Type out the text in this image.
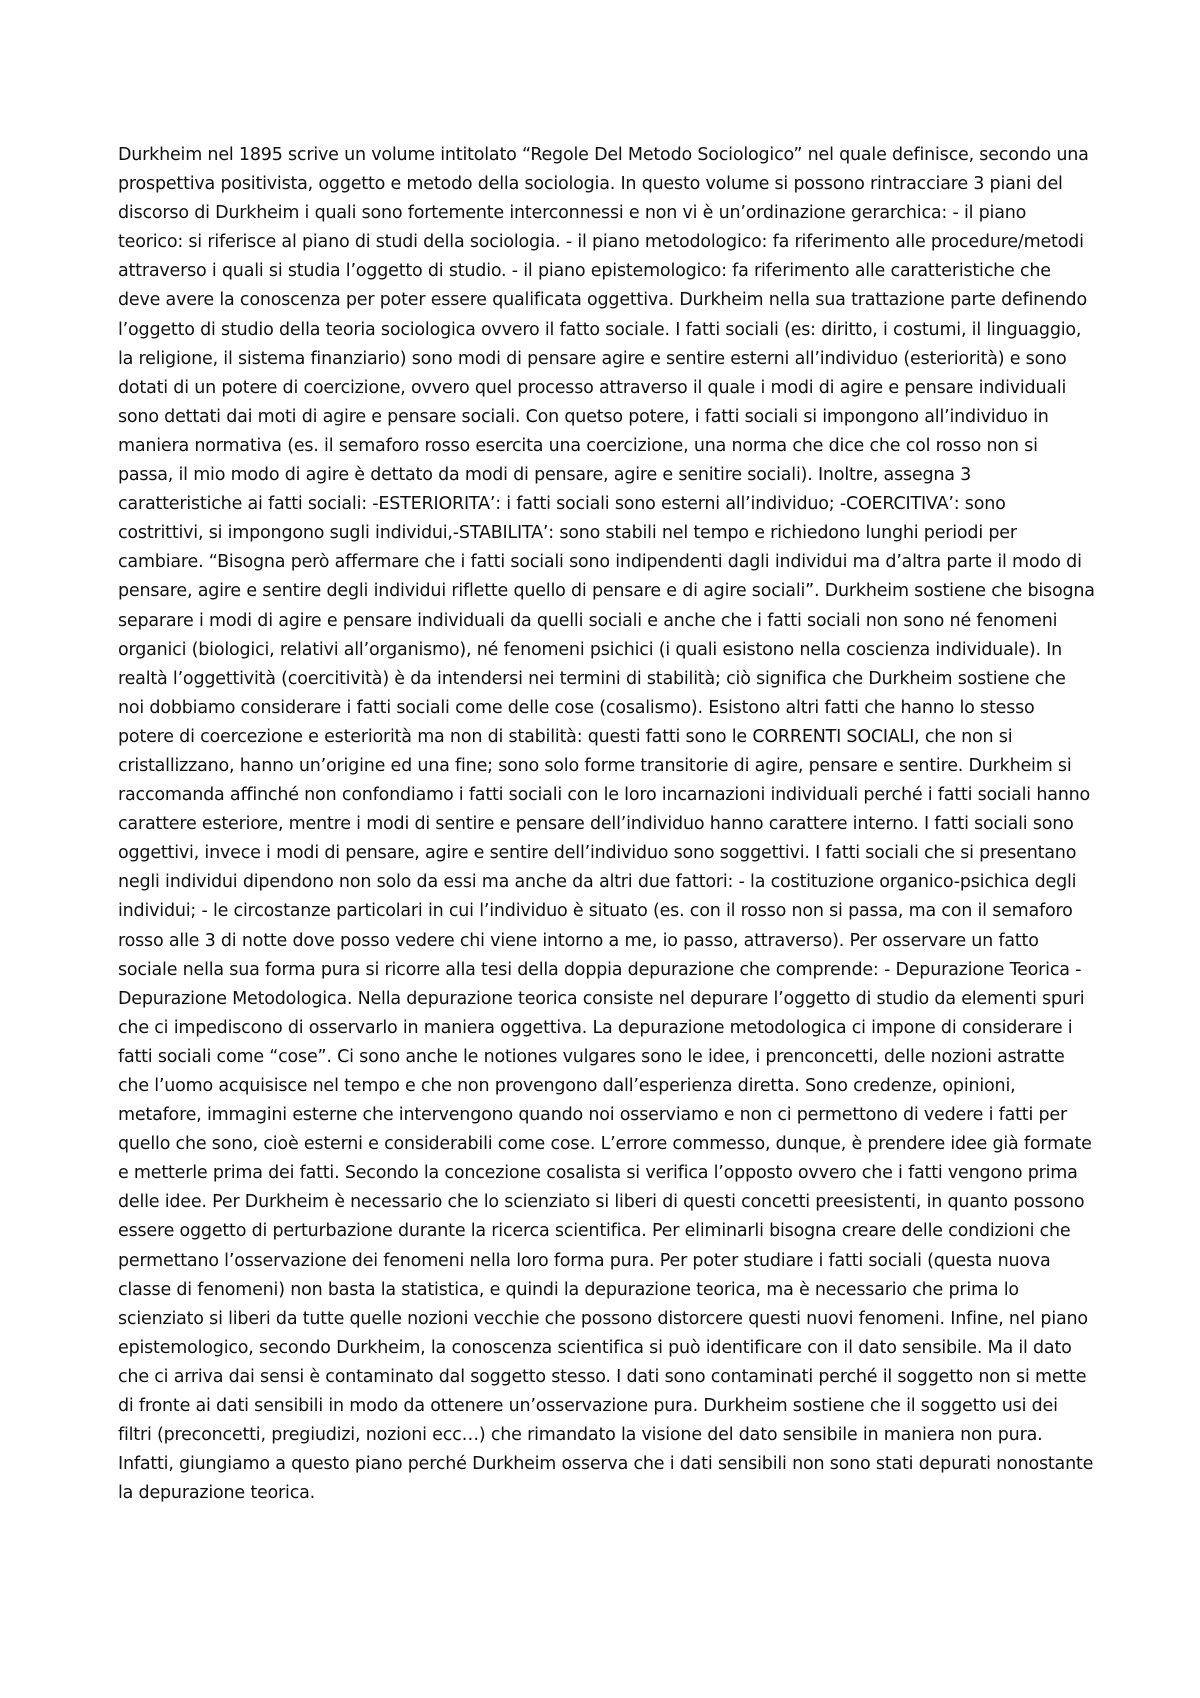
Durkheim nel 1895 scrive un volume intitolato “Regole Del Metodo Sociologico” nel quale definisce, secondo una prospettiva positivista, oggetto e metodo della sociologia. In questo volume si possono rintracciare 3 piani del discorso di Durkheim i quali sono fortemente interconnessi e non vi è un’ordinazione gerarchica: - il piano teorico: si riferisce al piano di studi della sociologia. - il piano metodologico: fa riferimento alle procedure/metodi attraverso i quali si studia l’oggetto di studio. - il piano epistemologico: fa riferimento alle caratteristiche che deve avere la conoscenza per poter essere qualificata oggettiva. Durkheim nella sua trattazione parte definendo l’oggetto di studio della teoria sociologica ovvero il fatto sociale. I fatti sociali (es: diritto, i costumi, il linguaggio, la religione, il sistema finanziario) sono modi di pensare agire e sentire esterni all’individuo (esteriorità) e sono dotati di un potere di coercizione, ovvero quel processo attraverso il quale i modi di agire e pensare individuali sono dettati dai moti di agire e pensare sociali. Con quetso potere, i fatti sociali si impongono all’individuo in maniera normativa (es. il semaforo rosso esercita una coercizione, una norma che dice che col rosso non si passa, il mio modo di agire è dettato da modi di pensare, agire e senitire sociali). Inoltre, assegna 3 caratteristiche ai fatti sociali: -ESTERIORITA’: i fatti sociali sono esterni all’individuo; -COERCITIVA’: sono costrittivi, si impongono sugli individui,-STABILITA’: sono stabili nel tempo e richiedono lunghi periodi per cambiare. “Bisogna però affermare che i fatti sociali sono indipendenti dagli individui ma d’altra parte il modo di pensare, agire e sentire degli individui riflette quello di pensare e di agire sociali”. Durkheim sostiene che bisogna separare i modi di agire e pensare individuali da quelli sociali e anche che i fatti sociali non sono né fenomeni organici (biologici, relativi all’organismo), né fenomeni psichici (i quali esistono nella coscienza individuale). In realtà l’oggettività (coercitività) è da intendersi nei termini di stabilità; ciò significa che Durkheim sostiene che noi dobbiamo considerare i fatti sociali come delle cose (cosalismo). Esistono altri fatti che hanno lo stesso potere di coercezione e esteriorità ma non di stabilità: questi fatti sono le CORRENTI SOCIALI, che non si cristallizzano, hanno un’origine ed una fine; sono solo forme transitorie di agire, pensare e sentire. Durkheim si raccomanda affinché non confondiamo i fatti sociali con le loro incarnazioni individuali perché i fatti sociali hanno carattere esteriore, mentre i modi di sentire e pensare dell’individuo hanno carattere interno. I fatti sociali sono oggettivi, invece i modi di pensare, agire e sentire dell’individuo sono soggettivi. I fatti sociali che si presentano negli individui dipendono non solo da essi ma anche da altri due fattori: - la costituzione organico-psichica degli individui; - le circostanze particolari in cui l’individuo è situato (es. con il rosso non si passa, ma con il semaforo rosso alle 3 di notte dove posso vedere chi viene intorno a me, io passo, attraverso). Per osservare un fatto sociale nella sua forma pura si ricorre alla tesi della doppia depurazione che comprende: - Depurazione Teorica - Depurazione Metodologica. Nella depurazione teorica consiste nel depurare l’oggetto di studio da elementi spuri che ci impediscono di osservarlo in maniera oggettiva. La depurazione metodologica ci impone di considerare i fatti sociali come “cose”. Ci sono anche le notiones vulgares sono le idee, i prenconcetti, delle nozioni astratte che l’uomo acquisisce nel tempo e che non provengono dall’esperienza diretta. Sono credenze, opinioni, metafore, immagini esterne che intervengono quando noi osserviamo e non ci permettono di vedere i fatti per quello che sono, cioè esterni e considerabili come cose. L’errore commesso, dunque, è prendere idee già formate e metterle prima dei fatti. Secondo la concezione cosalista si verifica l’opposto ovvero che i fatti vengono prima delle idee. Per Durkheim è necessario che lo scienziato si liberi di questi concetti preesistenti, in quanto possono essere oggetto di perturbazione durante la ricerca scientifica. Per eliminarli bisogna creare delle condizioni che permettano l’osservazione dei fenomeni nella loro forma pura. Per poter studiare i fatti sociali (questa nuova classe di fenomeni) non basta la statistica, e quindi la depurazione teorica, ma è necessario che prima lo scienziato si liberi da tutte quelle nozioni vecchie che possono distorcere questi nuovi fenomeni. Infine, nel piano epistemologico, secondo Durkheim, la conoscenza scientifica si può identificare con il dato sensibile. Ma il dato che ci arriva dai sensi è contaminato dal soggetto stesso. I dati sono contaminati perché il soggetto non si mette di fronte ai dati sensibili in modo da ottenere un’osservazione pura. Durkheim sostiene che il soggetto usi dei filtri (preconcetti, pregiudizi, nozioni ecc…) che rimandato la visione del dato sensibile in maniera non pura. Infatti, giungiamo a questo piano perché Durkheim osserva che i dati sensibili non sono stati depurati nonostante la depurazione teorica.
